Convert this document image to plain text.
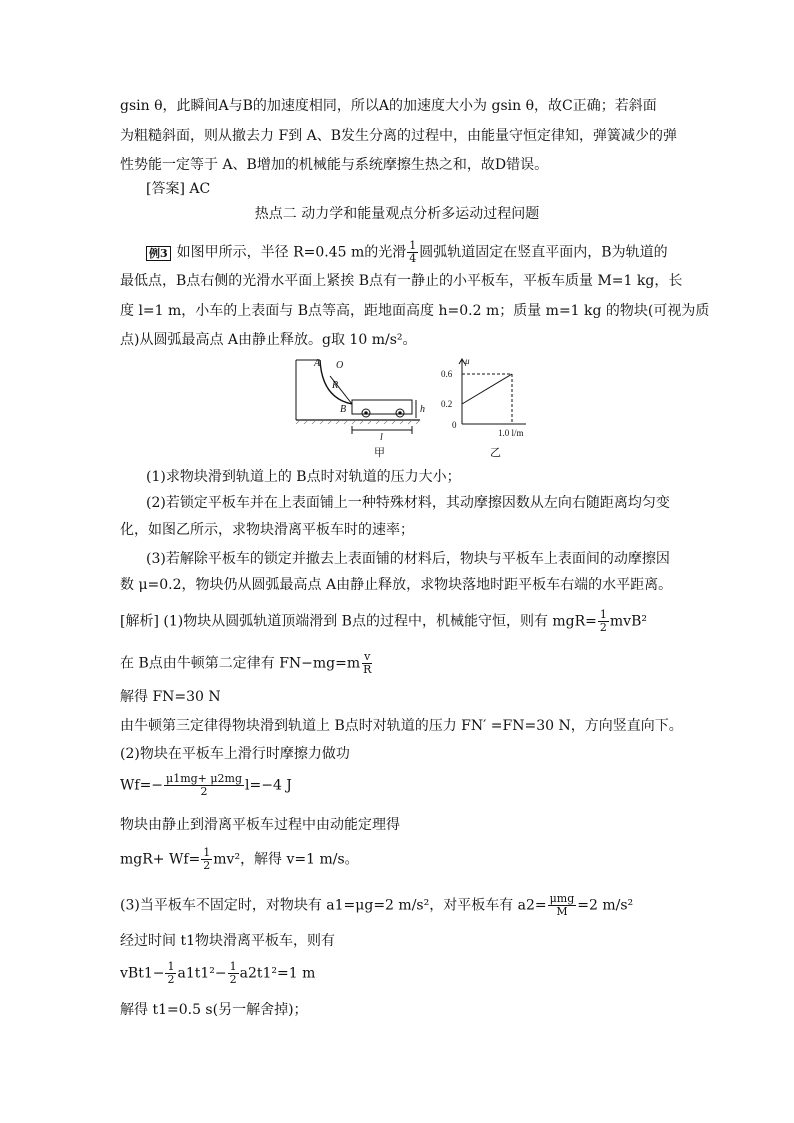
gsin θ，此瞬间A与B的加速度相同，所以A的加速度大小为 gsin θ，故C正确；若斜面
为粗糙斜面，则从撤去力 F到 A、B发生分离的过程中，由能量守恒定律知，弹簧减少的弹
性势能一定等于 A、B增加的机械能与系统摩擦生热之和，故D错误。
[答案] AC
热点二 动力学和能量观点分析多运动过程问题
例3 如图甲所示，半径 R=0.45 m的光滑 $\frac{1}{4}$ 圆弧轨道固定在竖直平面内，B为轨道的
最低点，B点右侧的光滑水平面上紧挨 B点有一静止的小平板车，平板车质量 M=1 kg，长
度 l=1 m，小车的上表面与 B点等高，距地面高度 h=0.2 m；质量 m=1 kg 的物块(可视为质
点)从圆弧最高点 A由静止释放。g取 10 m/s²。
A O
R
B	h
l
甲
μ
0.6
0.2
0
1.0 l/m
乙
(1)求物块滑到轨道上的 B点时对轨道的压力大小；
(2)若锁定平板车并在上表面铺上一种特殊材料，其动摩擦因数从左向右随距离均匀变
化，如图乙所示，求物块滑离平板车时的速率；
(3)若解除平板车的锁定并撤去上表面铺的材料后，物块与平板车上表面间的动摩擦因
数 μ=0.2，物块仍从圆弧最高点 A由静止释放，求物块落地时距平板车右端的水平距离。
[解析] (1)物块从圆弧轨道顶端滑到 B点的过程中，机械能守恒，则有 $mgR= \frac{1}{2} mvB^2$
在 B点由牛顿第二定律有 $FN-mg=m \frac{v}{R}$
解得 FN=30 N
由牛顿第三定律得物块滑到轨道上 B点时对轨道的压力 FN′ =FN=30 N，方向竖直向下。
(2)物块在平板车上滑行时摩擦力做功
$Wf=- \frac{\mu 1mg+ \mu 2mg}{2} l=-4$ J
物块由静止到滑离平板车过程中由动能定理得
$mgR+ Wf= \frac{1}{2} mv^2$，解得 v=1 m/s。
(3)当平板车不固定时，对物块有 a1=μg=2 m/s²，对平板车有 $a2= \frac{\text{μmg}}{M} =2$ m/s²
经过时间 t1物块滑离平板车，则有
$vBt1- \frac{1}{2} a1t1^2- \frac{1}{2} a2t1^2=1$ m
解得 t1=0.5 s(另一解舍掉)；
